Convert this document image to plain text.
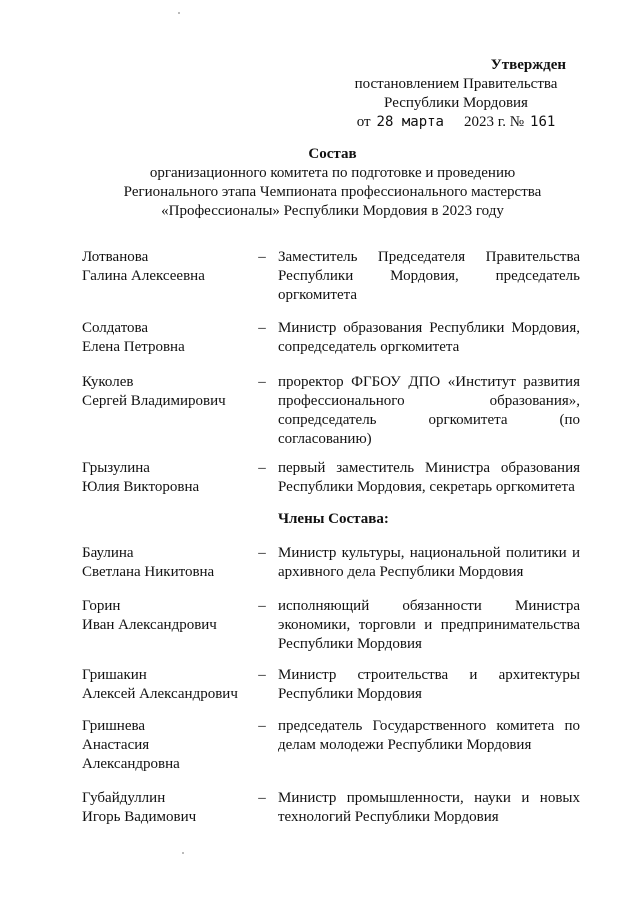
Утвержден
постановлением Правительства
Республики Мордовия
от 28 марта 2023 г. № 161
Состав
организационного комитета по подготовке и проведению
Регионального этапа Чемпионата профессионального мастерства
«Профессионалы» Республики Мордовия в 2023 году
Лотванова
Галина Алексеевна
– Заместитель Председателя Правительства Республики Мордовия, председатель оргкомитета
Солдатова
Елена Петровна
– Министр образования Республики Мордовия, сопредседатель оргкомитета
Куколев
Сергей Владимирович
– проректор ФГБОУ ДПО «Институт развития профессионального образования», сопредседатель оргкомитета (по согласованию)
Грызулина
Юлия Викторовна
– первый заместитель Министра образования Республики Мордовия, секретарь оргкомитета
Члены Состава:
Баулина
Светлана Никитовна
– Министр культуры, национальной политики и архивного дела Республики Мордовия
Горин
Иван Александрович
– исполняющий обязанности Министра экономики, торговли и предпринимательства Республики Мордовия
Гришакин
Алексей Александрович
– Министр строительства и архитектуры Республики Мордовия
Гришнева
Анастасия
Александровна
– председатель Государственного комитета по делам молодежи Республики Мордовия
Губайдуллин
Игорь Вадимович
– Министр промышленности, науки и новых технологий Республики Мордовия
